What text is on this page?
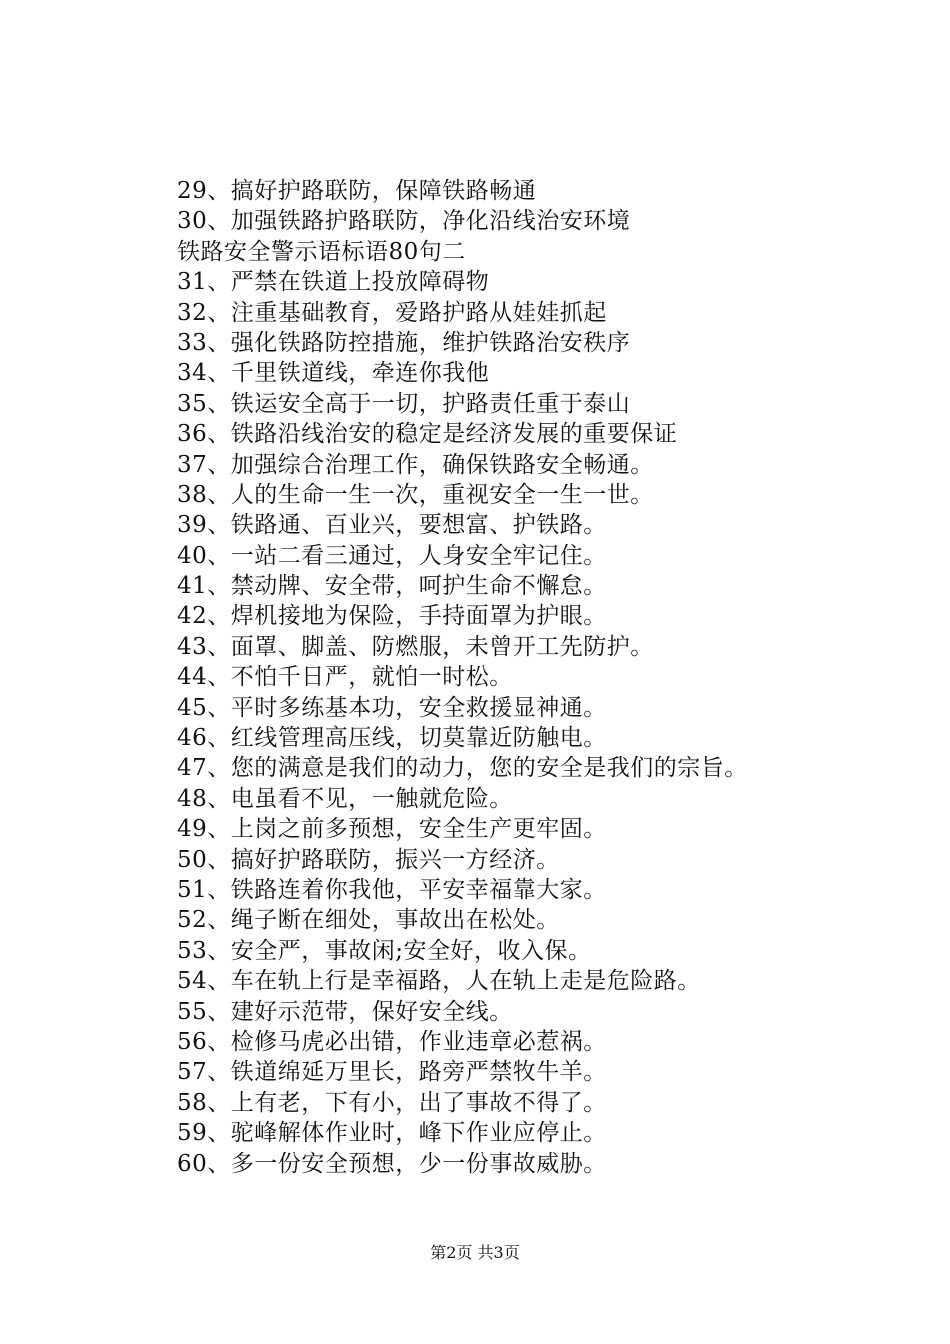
29、搞好护路联防，保障铁路畅通
30、加强铁路护路联防，净化沿线治安环境
铁路安全警示语标语80句二
31、严禁在铁道上投放障碍物
32、注重基础教育，爱路护路从娃娃抓起
33、强化铁路防控措施，维护铁路治安秩序
34、千里铁道线，牵连你我他
35、铁运安全高于一切，护路责任重于泰山
36、铁路沿线治安的稳定是经济发展的重要保证
37、加强综合治理工作，确保铁路安全畅通。
38、人的生命一生一次，重视安全一生一世。
39、铁路通、百业兴，要想富、护铁路。
40、一站二看三通过，人身安全牢记住。
41、禁动牌、安全带，呵护生命不懈怠。
42、焊机接地为保险，手持面罩为护眼。
43、面罩、脚盖、防燃服，未曾开工先防护。
44、不怕千日严，就怕一时松。
45、平时多练基本功，安全救援显神通。
46、红线管理高压线，切莫靠近防触电。
47、您的满意是我们的动力，您的安全是我们的宗旨。
48、电虽看不见，一触就危险。
49、上岗之前多预想，安全生产更牢固。
50、搞好护路联防，振兴一方经济。
51、铁路连着你我他，平安幸福靠大家。
52、绳子断在细处，事故出在松处。
53、安全严，事故闲;安全好，收入保。
54、车在轨上行是幸福路，人在轨上走是危险路。
55、建好示范带，保好安全线。
56、检修马虎必出错，作业违章必惹祸。
57、铁道绵延万里长，路旁严禁牧牛羊。
58、上有老，下有小，出了事故不得了。
59、驼峰解体作业时，峰下作业应停止。
60、多一份安全预想，少一份事故威胁。
第2页 共3页
